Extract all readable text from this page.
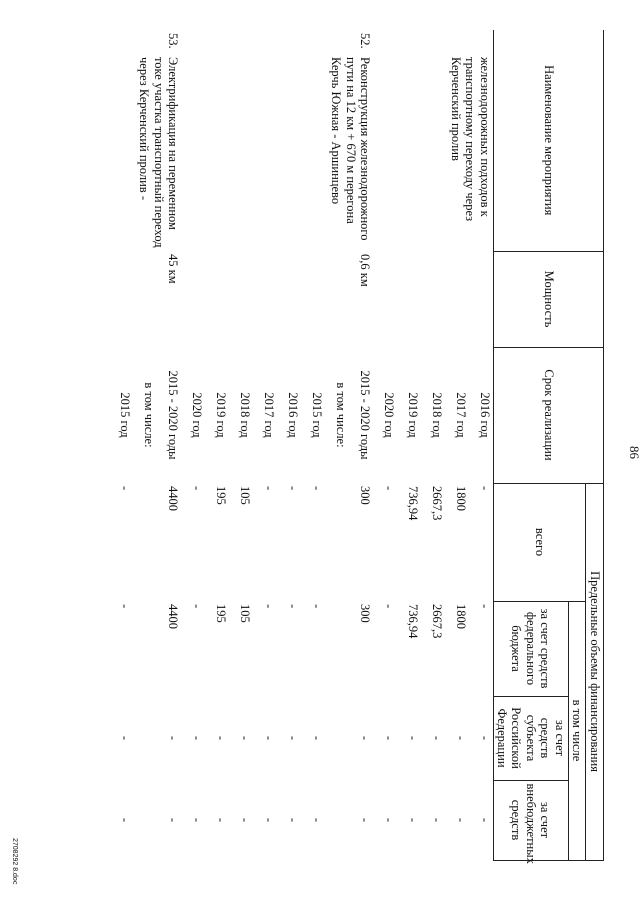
86
Наименование мероприятия		Мощность	Срок реализации	Предельные объемы финансирования			
				всего	в том числе		
					за счет средств федерального бюджета	за счет средств субъекта Российской Федерации	за счет внебюджетных средств
	железнодорожных подходов к транспортному переходу через Керченский пролив		2016 год	-	-	-	-
			2017 год	1800	1800	-	-
			2018 год	2667,3	2667,3	-	-
			2019 год	736,94	736,94	-	-
			2020 год	-	-	-	-
52.	Реконструкция железнодорожного пути на 12 км + 670 м перегона Керчь Южная - Аршинцево	0,6 км	2015 - 2020 годы	300	300	-	-
			в том числе:				
			2015 год	-	-	-	-
			2016 год	-	-	-	-
			2017 год	-	-	-	-
			2018 год	105	105	-	-
			2019 год	195	195	-	-
			2020 год	-	-	-	-
53.	Электрификация на переменном токе участка транспортный переход через Керченский пролив -	45 км	2015 - 2020 годы	4400	4400	-	-
			в том числе:				
			2015 год	-	-	-	-
2708292 8.doc
